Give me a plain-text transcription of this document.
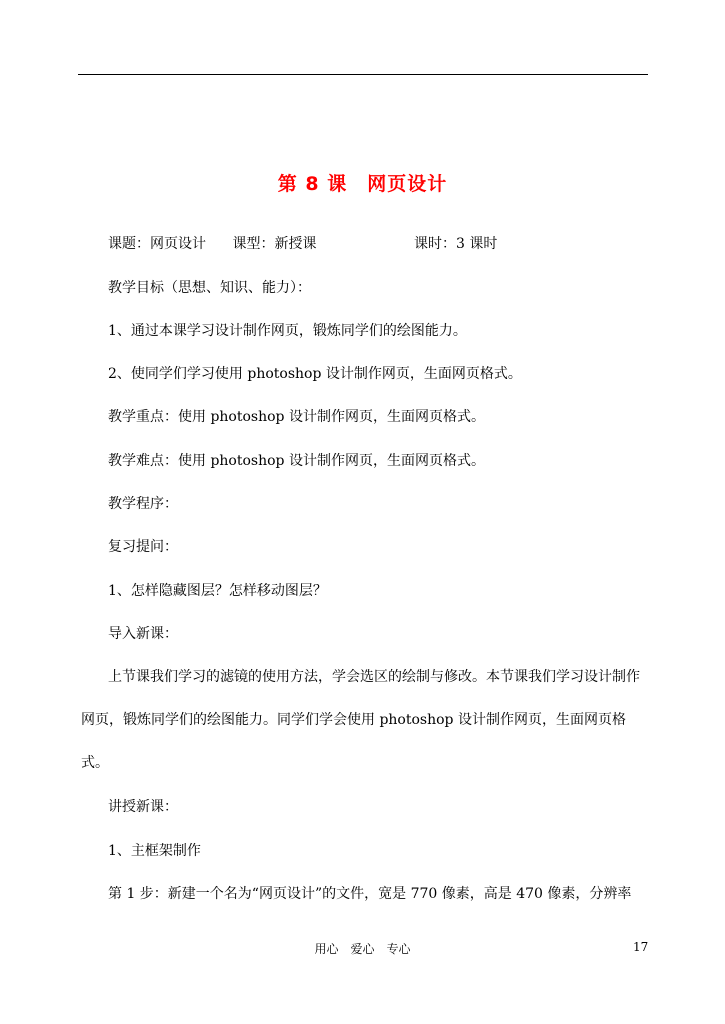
第 8 课　网页设计
课题：网页设计 课型：新授课	课时：3 课时
教学目标（思想、知识、能力）：
1、通过本课学习设计制作网页，锻炼同学们的绘图能力。
2、使同学们学习使用 photoshop 设计制作网页，生面网页格式。
教学重点：使用 photoshop 设计制作网页，生面网页格式。
教学难点：使用 photoshop 设计制作网页，生面网页格式。
教学程序：
复习提问：
1、怎样隐藏图层？怎样移动图层？
导入新课：
上节课我们学习的滤镜的使用方法，学会选区的绘制与修改。本节课我们学习设计制作网页，锻炼同学们的绘图能力。同学们学会使用 photoshop 设计制作网页，生面网页格式。
讲授新课：
1、主框架制作
第 1 步：新建一个名为“网页设计”的文件，宽是 770 像素，高是 470 像素，分辨率
用心　爱心　专心	17
